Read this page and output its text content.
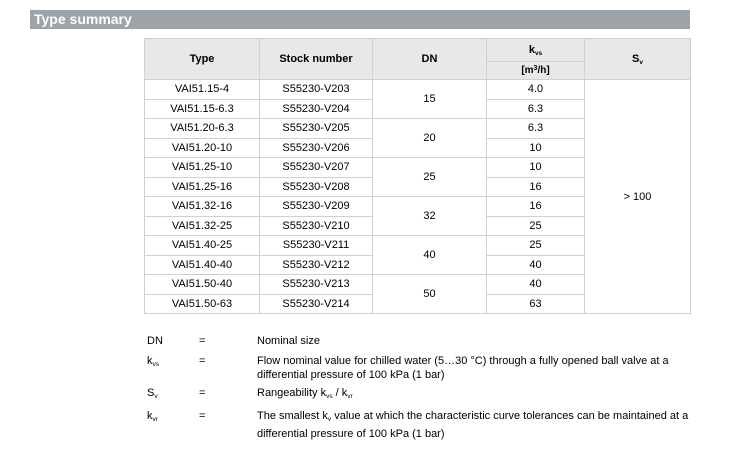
Type summary
Type	Stock number	DN	$k_{vs}$	$S_v$
			$[m^3/h]$	
VAI51.15-4	S55230-V203	15	4.0	> 100
VAI51.15-6.3	S55230-V204		6.3	
VAI51.20-6.3	S55230-V205	20	6.3	
VAI51.20-10	S55230-V206		10	
VAI51.25-10	S55230-V207	25	10	
VAI51.25-16	S55230-V208		16	
VAI51.32-16	S55230-V209	32	16	
VAI51.32-25	S55230-V210		25	
VAI51.40-25	S55230-V211	40	25	
VAI51.40-40	S55230-V212		40	
VAI51.50-40	S55230-V213	50	40	
VAI51.50-63	S55230-V214		63	
DN	=	Nominal size
$k_{vs}$	=	Flow nominal value for chilled water (5…30 °C) through a fully opened ball valve at a differential pressure of 100 kPa (1 bar)
$S_v$	=	Rangeability $k_{vs} / k_{vr}$
$k_{vr}$	=	The smallest $k_v$ value at which the characteristic curve tolerances can be maintained at a differential pressure of 100 kPa (1 bar)
